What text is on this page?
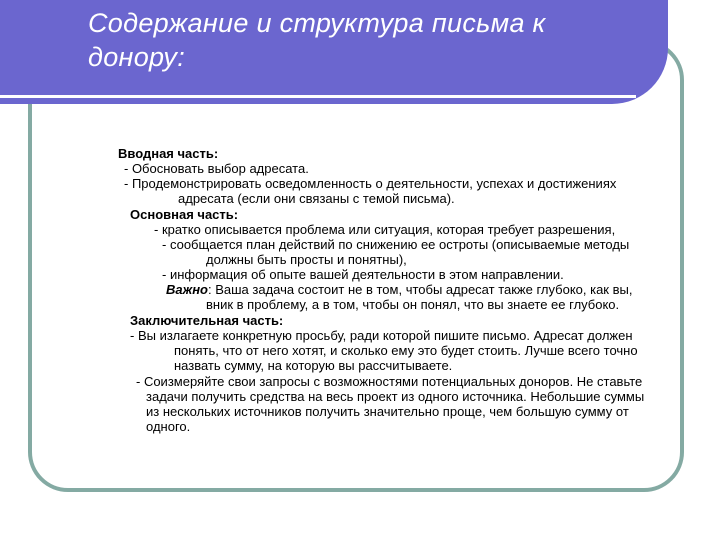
Содержание и структура письма к
донору:
Вводная часть:
- Обосновать выбор адресата.
- Продемонстрировать осведомленность о деятельности, успехах и достижениях
адресата (если они связаны с темой письма).
Основная часть:
- кратко описывается проблема или ситуация, которая требует разрешения,
- сообщается план действий по снижению ее остроты (описываемые методы
должны быть просты и понятны),
- информация об опыте вашей деятельности в этом направлении.
Важно: Ваша задача состоит не в том, чтобы адресат также глубоко, как вы,
вник в проблему, а в том, чтобы он понял, что вы знаете ее глубоко.
Заключительная часть:
- Вы излагаете конкретную просьбу, ради которой пишите письмо. Адресат должен
понять, что от него хотят, и сколько ему это будет стоить. Лучше всего точно
назвать сумму, на которую вы рассчитываете.
- Соизмеряйте свои запросы с возможностями потенциальных доноров. Не ставьте
задачи получить средства на весь проект из одного источника. Небольшие суммы
из нескольких источников получить значительно проще, чем большую сумму от
одного.
